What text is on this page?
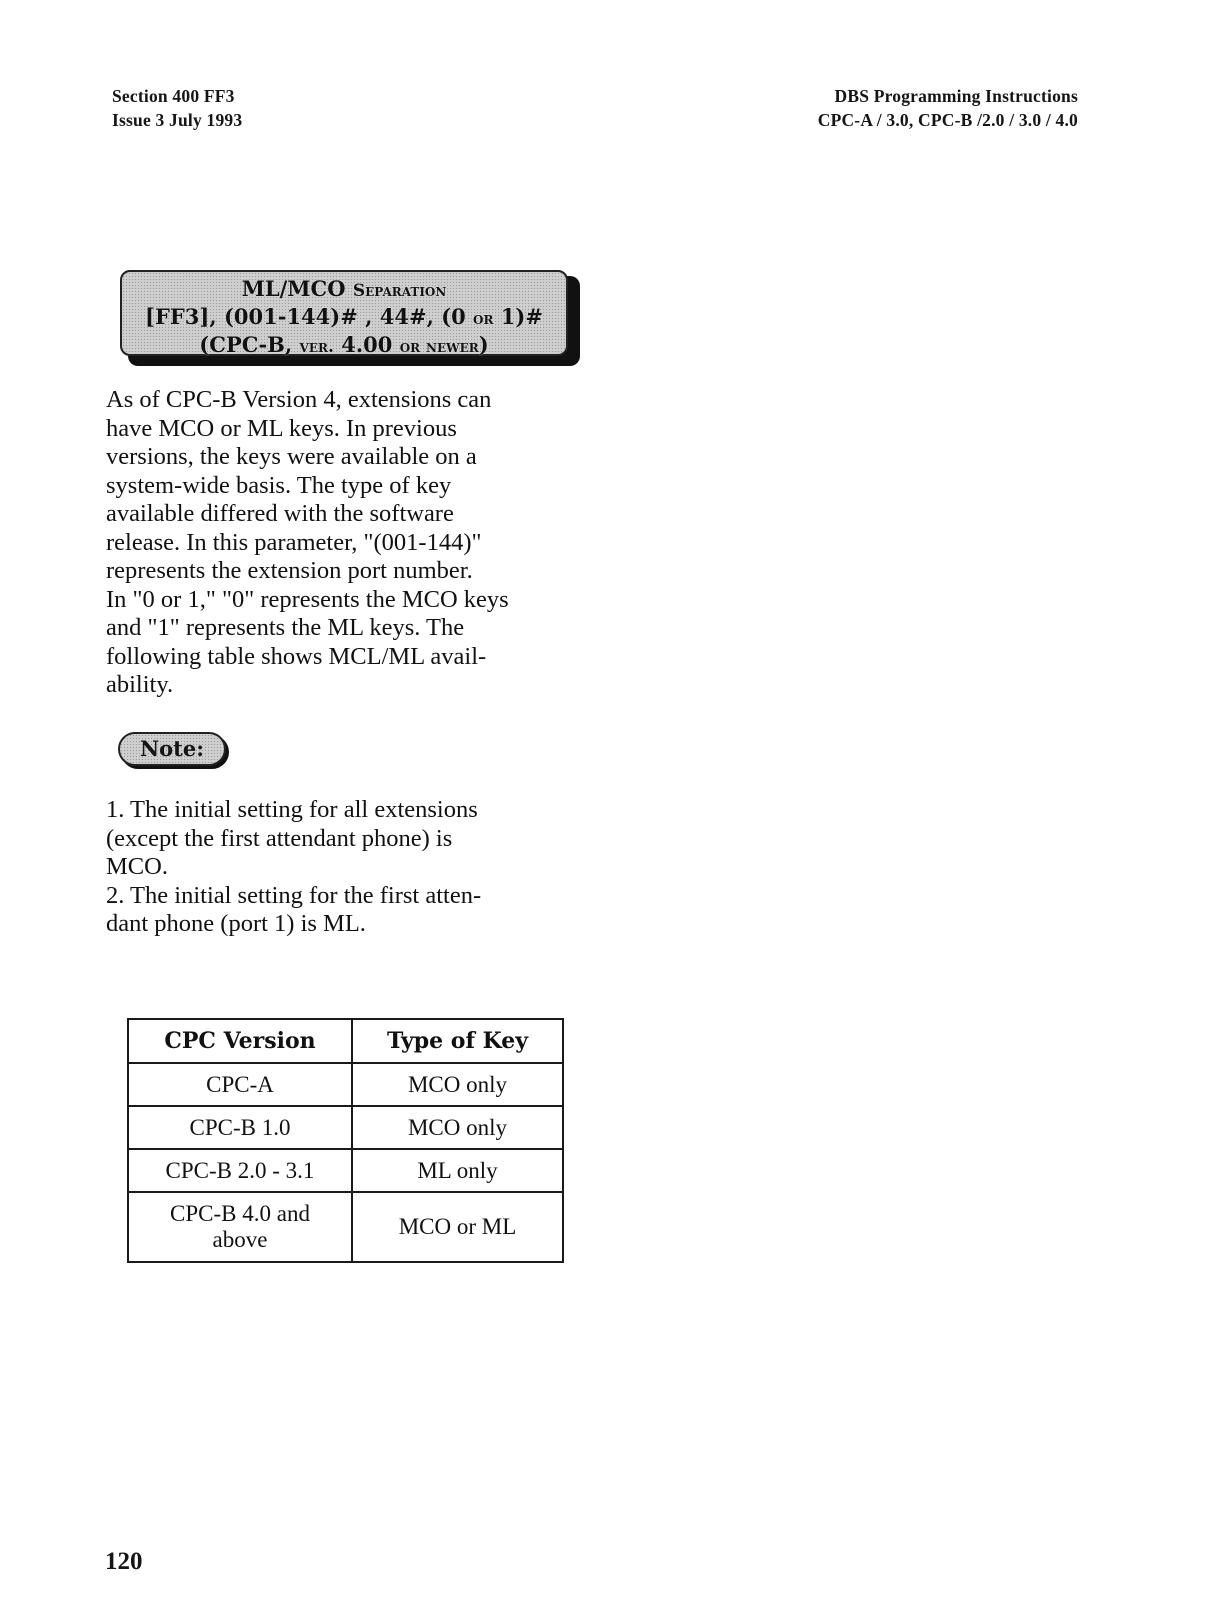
Section 400 FF3
Issue 3 July 1993
DBS Programming Instructions
CPC-A / 3.0, CPC-B /2.0 / 3.0 / 4.0
ML/MCO Separation
[FF3], (001-144)# , 44#, (0 or 1)#
(CPC-B, ver. 4.00 or newer)
As of CPC-B Version 4, extensions can
have MCO or ML keys. In previous
versions, the keys were available on a
system-wide basis. The type of key
available differed with the software
release. In this parameter, "(001-144)"
represents the extension port number.
In "0 or 1," "0" represents the MCO keys
and "1" represents the ML keys. The
following table shows MCL/ML avail-
ability.
Note:
1. The initial setting for all extensions
(except the first attendant phone) is
MCO.
2. The initial setting for the first atten-
dant phone (port 1) is ML.
CPC Version	Type of Key
CPC-A	MCO only
CPC-B 1.0	MCO only
CPC-B 2.0 - 3.1	ML only

CPC-B 4.0 and
above	MCO or ML
120
